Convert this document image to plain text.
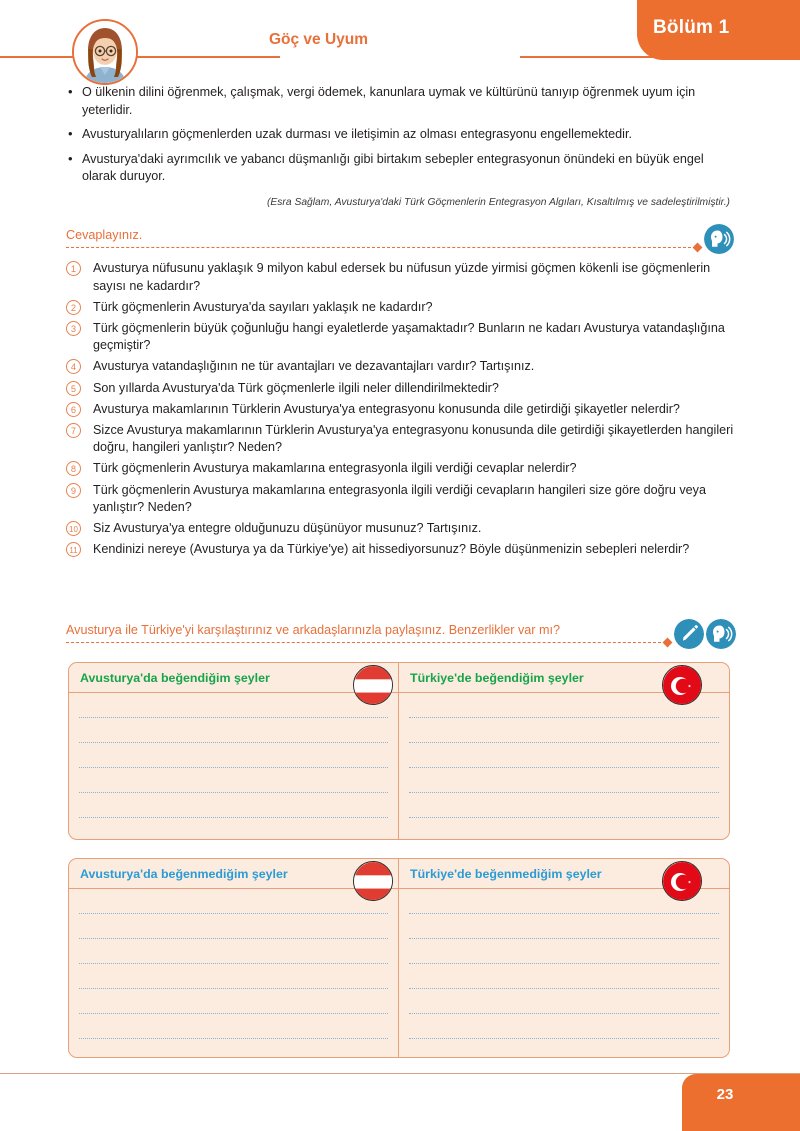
Göç ve Uyum
Bölüm 1
• O ülkenin dilini öğrenmek, çalışmak, vergi ödemek, kanunlara uymak ve kültürünü tanıyıp öğrenmek uyum için yeterlidir.
• Avusturyalıların göçmenlerden uzak durması ve iletişimin az olması entegrasyonu engellemektedir.
• Avusturya'daki ayrımcılık ve yabancı düşmanlığı gibi birtakım sebepler entegrasyonun önündeki en büyük engel olarak duruyor.
(Esra Sağlam, Avusturya'daki Türk Göçmenlerin Entegrasyon Algıları, Kısaltılmış ve sadeleştirilmiştir.)
Cevaplayınız.
1	Avusturya nüfusunu yaklaşık 9 milyon kabul edersek bu nüfusun yüzde yirmisi göçmen kökenli ise göçmenlerin sayısı ne kadardır?
2	Türk göçmenlerin Avusturya'da sayıları yaklaşık ne kadardır?
3	Türk göçmenlerin büyük çoğunluğu hangi eyaletlerde yaşamaktadır? Bunların ne kadarı Avusturya vatandaşlığına geçmiştir?
4	Avusturya vatandaşlığının ne tür avantajları ve dezavantajları vardır? Tartışınız.
5	Son yıllarda Avusturya'da Türk göçmenlerle ilgili neler dillendirilmektedir?
6	Avusturya makamlarının Türklerin Avusturya'ya entegrasyonu konusunda dile getirdiği şikayetler nelerdir?
7	Sizce Avusturya makamlarının Türklerin Avusturya'ya entegrasyonu konusunda dile getirdiği şikayetlerden hangileri doğru, hangileri yanlıştır? Neden?
8	Türk göçmenlerin Avusturya makamlarına entegrasyonla ilgili verdiği cevaplar nelerdir?
9	Türk göçmenlerin Avusturya makamlarına entegrasyonla ilgili verdiği cevapların hangileri size göre doğru veya yanlıştır? Neden?
10 Siz Avusturya'ya entegre olduğunuzu düşünüyor musunuz? Tartışınız.
11 Kendinizi nereye (Avusturya ya da Türkiye'ye) ait hissediyorsunuz? Böyle düşünmenizin sebepleri nelerdir?
Avusturya ile Türkiye'yi karşılaştırınız ve arkadaşlarınızla paylaşınız. Benzerlikler var mı?
Avusturya'da beğendiğim şeyler	Türkiye'de beğendiğim şeyler
Avusturya'da beğenmediğim şeyler	Türkiye'de beğenmediğim şeyler
23
